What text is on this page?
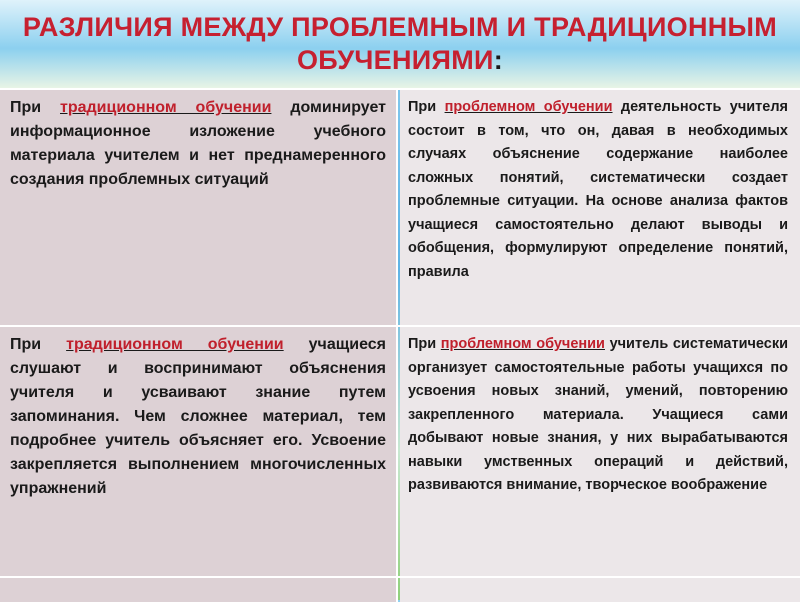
РАЗЛИЧИЯ МЕЖДУ ПРОБЛЕМНЫМ И ТРАДИЦИОННЫМ ОБУЧЕНИЯМИ:
При традиционном обучении доминирует информационное изложение учебного материала учителем и нет преднамеренного создания проблемных ситуаций
При проблемном обучении деятельность учителя состоит в том, что он, давая в необходимых случаях объяснение содержание наиболее сложных понятий, систематически создает проблемные ситуации. На основе анализа фактов учащиеся самостоятельно делают выводы и обобщения, формулируют определение понятий, правила
При традиционном обучении учащиеся слушают и воспринимают объяснения учителя и усваивают знание путем запоминания. Чем сложнее материал, тем подробнее учитель объясняет его. Усвоение закрепляется выполнением многочисленных упражнений
При проблемном обучении учитель систематически организует самостоятельные работы учащихся по усвоения новых знаний, умений, повторению закрепленного материала. Учащиеся сами добывают новые знания, у них вырабатываются навыки умственных операций и действий, развиваются внимание, творческое воображение
